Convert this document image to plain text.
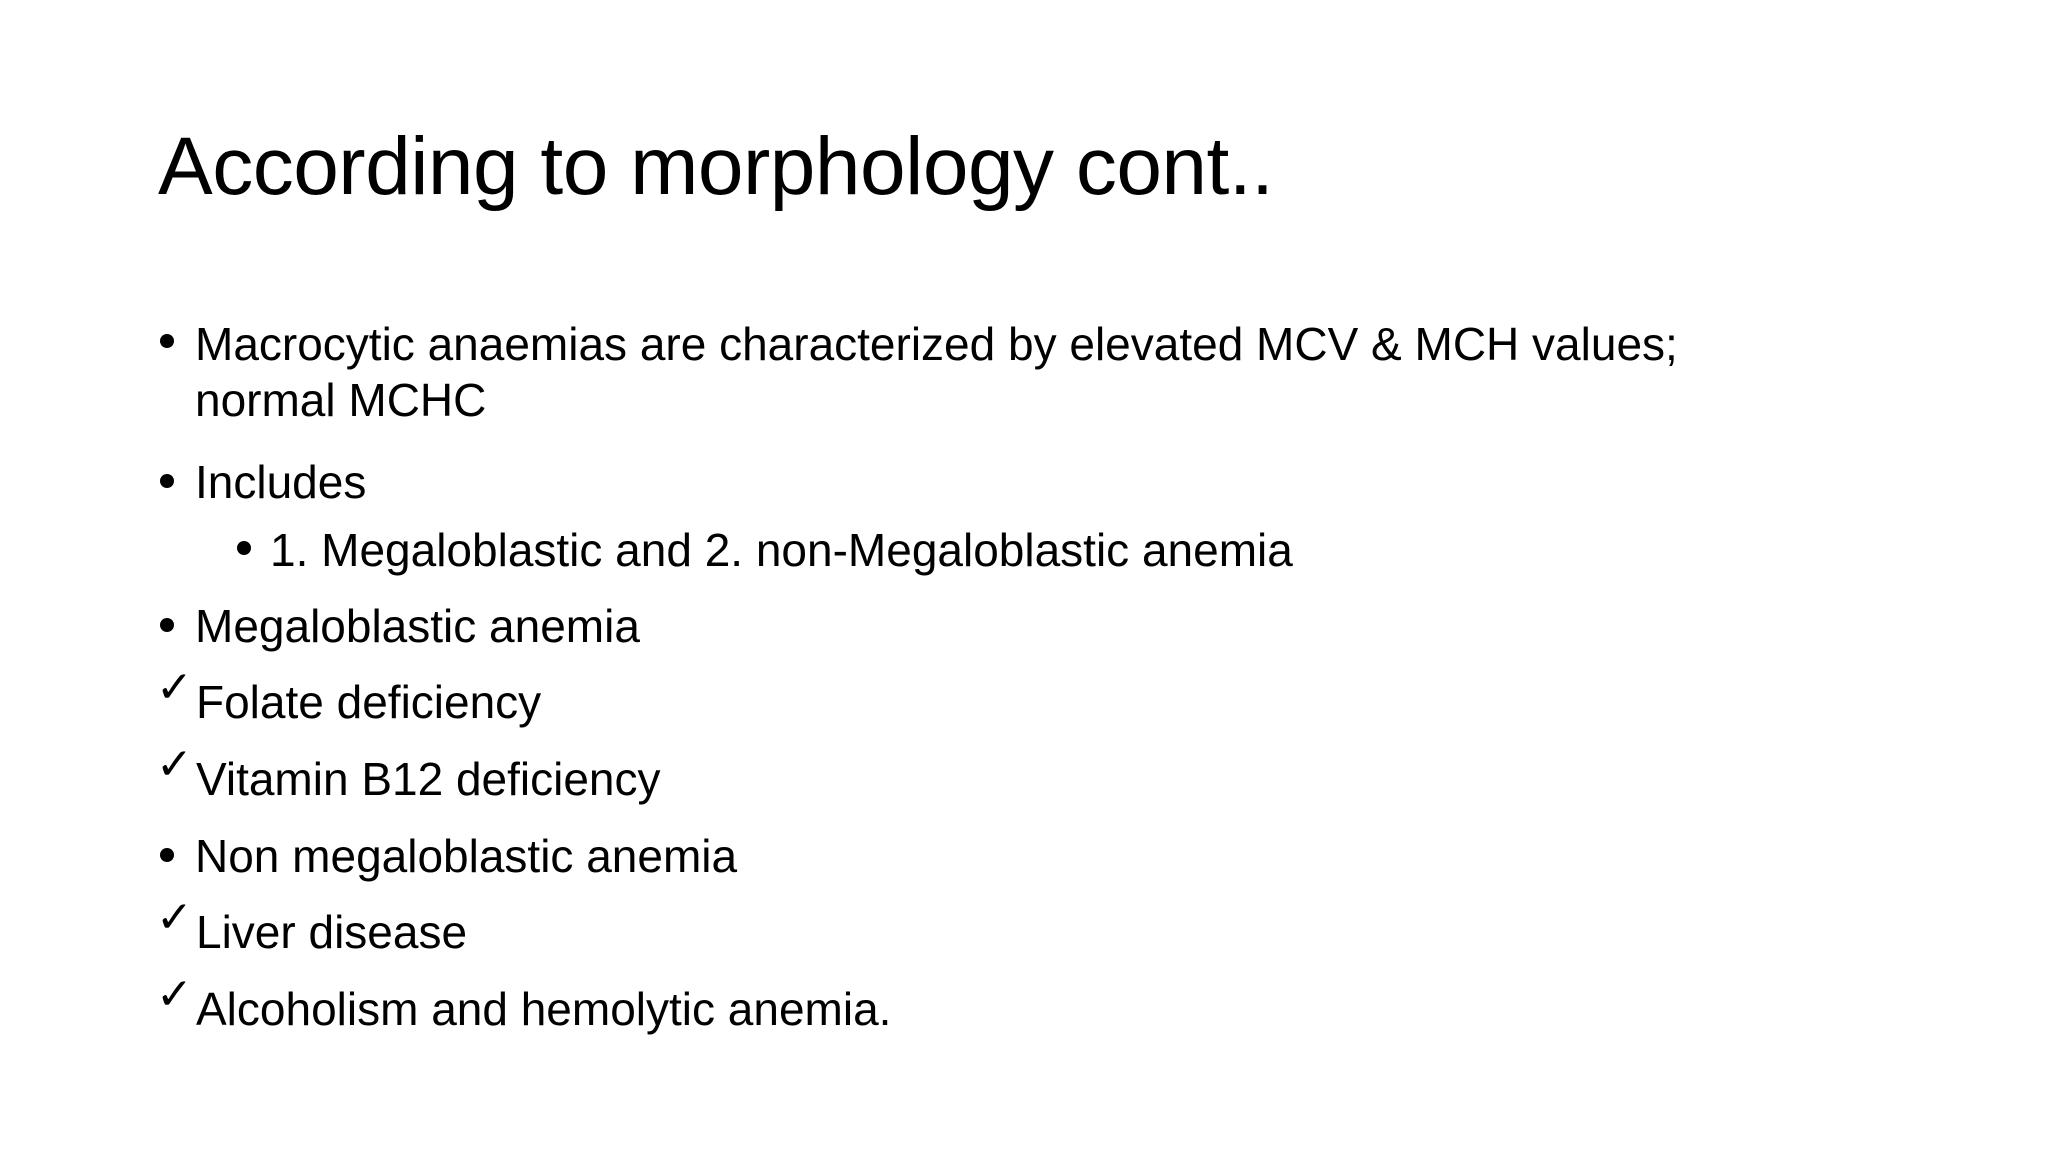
According to morphology cont..
Macrocytic anaemias are characterized by elevated MCV & MCH values;
normal MCHC
Includes
1. Megaloblastic and 2. non-Megaloblastic anemia
Megaloblastic anemia
✓ Folate deficiency
✓ Vitamin B12 deficiency
Non megaloblastic anemia
✓ Liver disease
✓ Alcoholism and hemolytic anemia.
